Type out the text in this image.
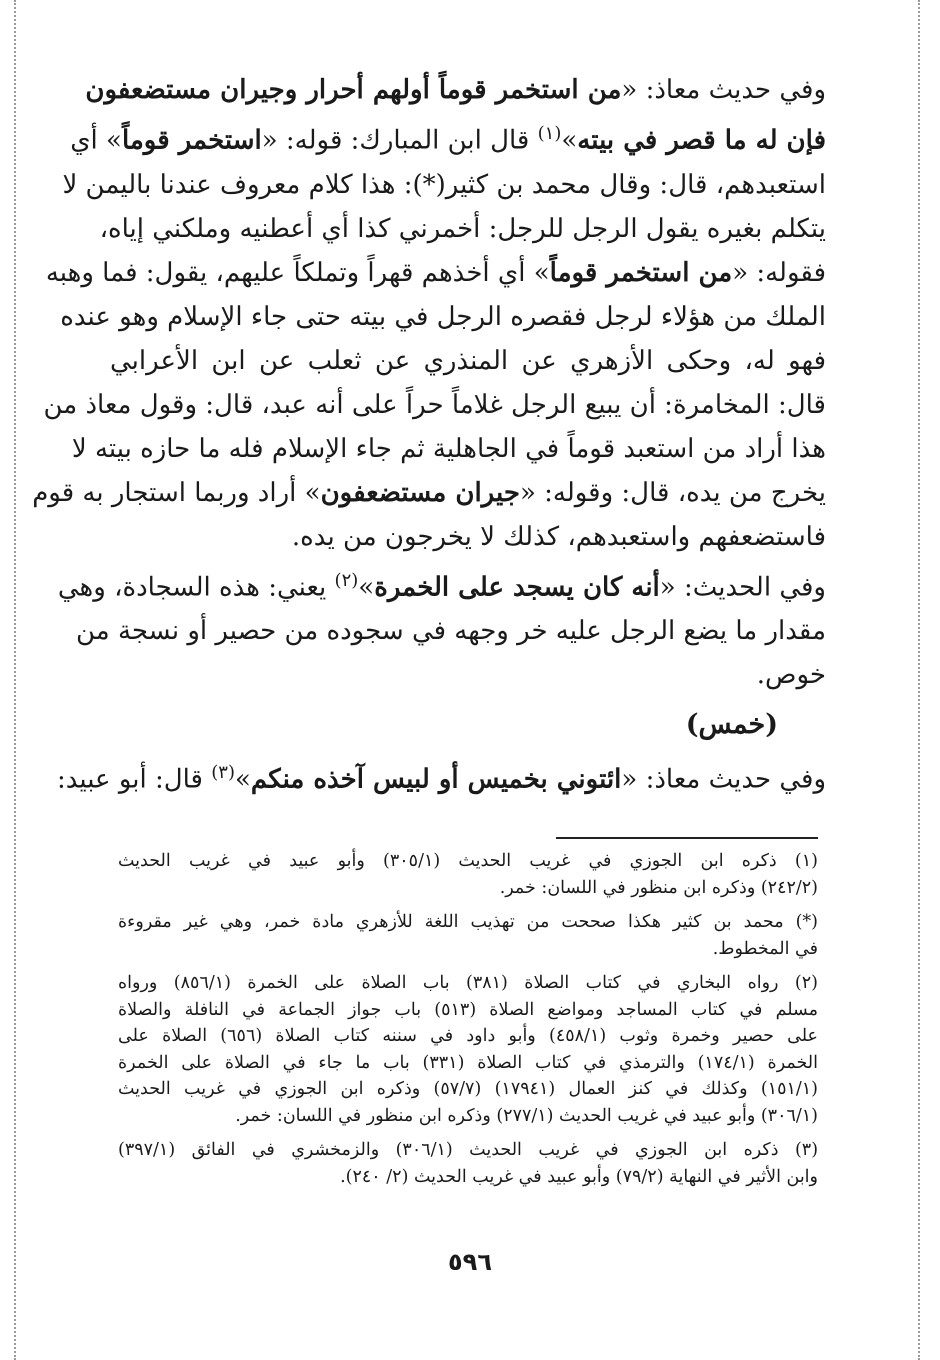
وفي حديث معاذ: «من استخمر قوماً أولهم أحرار وجيران مستضعفون
فإن له ما قصر في بيته»$^{(١)}$ قال ابن المبارك: قوله: «استخمر قوماً» أي
استعبدهم، قال: وقال محمد بن كثير(*): هذا كلام معروف عندنا باليمن لا
يتكلم بغيره يقول الرجل للرجل: أخمرني كذا أي أعطنيه وملكني إياه،
فقوله: «من استخمر قوماً» أي أخذهم قهراً وتملكاً عليهم، يقول: فما وهبه
الملك من هؤلاء لرجل فقصره الرجل في بيته حتى جاء الإسلام وهو عنده
فهو له، وحكى الأزهري عن المنذري عن ثعلب عن ابن الأعرابي
قال: المخامرة: أن يبيع الرجل غلاماً حراً على أنه عبد، قال: وقول معاذ من
هذا أراد من استعبد قوماً في الجاهلية ثم جاء الإسلام فله ما حازه بيته لا
يخرج من يده، قال: وقوله: «جيران مستضعفون» أراد وربما استجار به قوم
فاستضعفهم واستعبدهم، كذلك لا يخرجون من يده.
وفي الحديث: «أنه كان يسجد على الخمرة»$^{(٢)}$ يعني: هذه السجادة، وهي
مقدار ما يضع الرجل عليه خر وجهه في سجوده من حصير أو نسجة من
خوص.
(خمس)
وفي حديث معاذ: «ائتوني بخميس أو لبيس آخذه منكم»$^{(٣)}$ قال: أبو عبيد:
(١) ذكره ابن الجوزي في غريب الحديث (٣٠٥/١) وأبو عبيد في غريب الحديث
(٢٤٢/٢) وذكره ابن منظور في اللسان: خمر.
(*) محمد بن كثير هكذا صححت من تهذيب اللغة للأزهري مادة خمر، وهي غير مقروءة
في المخطوط.
(٢) رواه البخاري في كتاب الصلاة (٣٨١) باب الصلاة على الخمرة (٨٥٦/١) ورواه
مسلم في كتاب المساجد ومواضع الصلاة (٥١٣) باب جواز الجماعة في النافلة والصلاة
على حصير وخمرة وثوب (٤٥٨/١) وأبو داود في سننه كتاب الصلاة (٦٥٦) الصلاة على
الخمرة (١٧٤/١) والترمذي في كتاب الصلاة (٣٣١) باب ما جاء في الصلاة على الخمرة
(١٥١/١) وكذلك في كنز العمال (١٧٩٤١) (٥٧/٧) وذكره ابن الجوزي في غريب الحديث
(٣٠٦/١) وأبو عبيد في غريب الحديث (٢٧٧/١) وذكره ابن منظور في اللسان: خمر.
(٣) ذكره ابن الجوزي في غريب الحديث (٣٠٦/١) والزمخشري في الفائق (٣٩٧/١)
وابن الأثير في النهاية (٧٩/٢) وأبو عبيد في غريب الحديث (٢/ ٢٤٠).
٥٩٦
